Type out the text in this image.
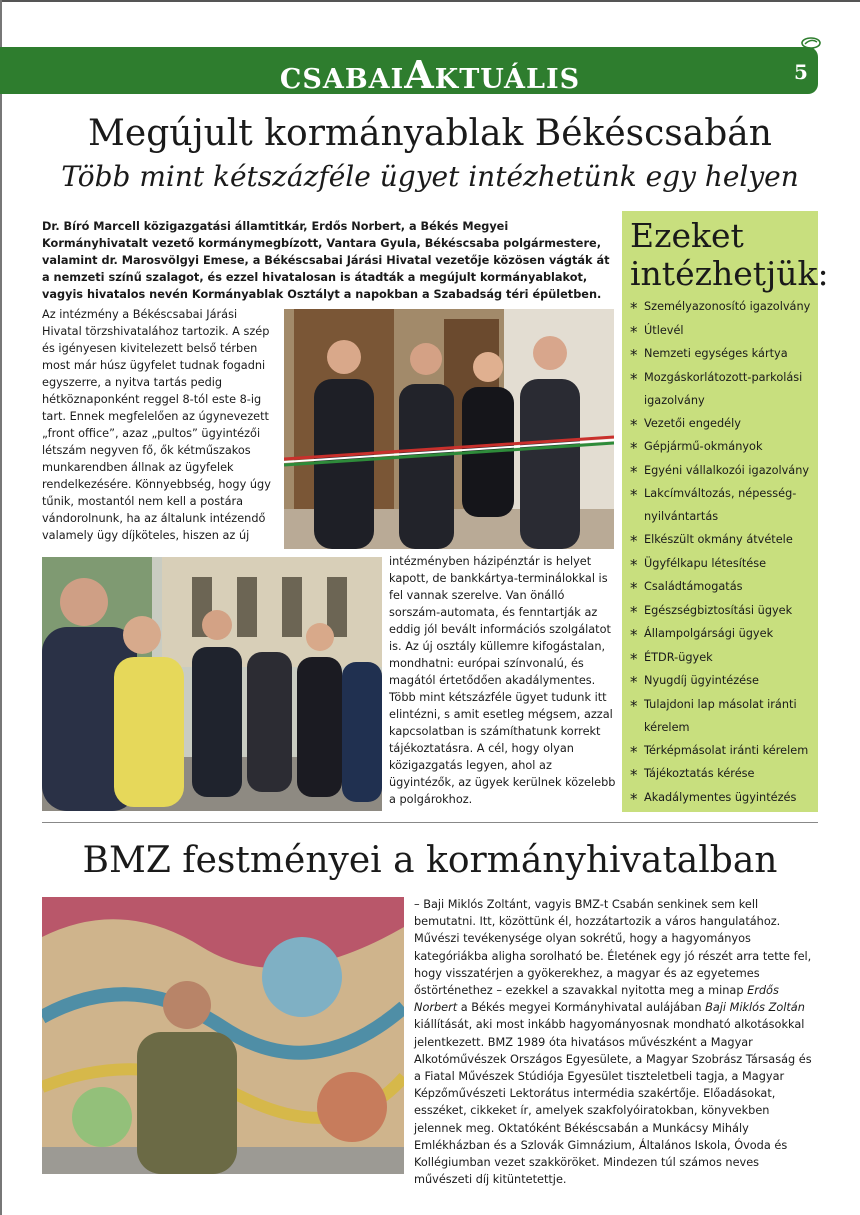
CSABAIAKTUÁLIS	5
Megújult kormányablak Békéscsabán
Több mint kétszázféle ügyet intézhetünk egy helyen
Dr. Bíró Marcell közigazgatási államtitkár, Erdős Norbert, a Békés Megyei Kormányhivatalt vezető kormánymegbízott, Vantara Gyula, Békéscsaba polgármestere, valamint dr. Marosvölgyi Emese, a Békéscsabai Járási Hivatal vezetője közösen vágták át a nemzeti színű szalagot, és ezzel hivatalosan is átadták a megújult kormányablakot, vagyis hivatalos nevén Kormányablak Osztályt a napokban a Szabadság téri épületben.
Az intézmény a Békéscsabai Járási Hivatal törzshivatalához tartozik. A szép és igényesen kivitelezett belső térben most már húsz ügyfelet tudnak fogadni egyszerre, a nyitva tartás pedig hétköznaponként reggel 8-tól este 8-ig tart. Ennek megfelelően az úgynevezett „front office”, azaz „pultos” ügyintézői létszám negyven fő, ők kétműszakos munkarendben állnak az ügyfelek rendelkezésére. Könnyebbség, hogy úgy tűnik, mostantól nem kell a postára vándorolnunk, ha az általunk intézendő valamely ügy díjköteles, hiszen az új
intézményben házipénztár is helyet kapott, de bankkártya-terminálokkal is fel vannak szerelve. Van önálló sorszám-automata, és fenntartják az eddig jól bevált információs szolgálatot is. Az új osztály küllemre kifogástalan, mondhatni: európai színvonalú, és magától értetődően akadálymentes. Több mint kétszázféle ügyet tudunk itt elintézni, s amit esetleg mégsem, azzal kapcsolatban is számíthatunk korrekt tájékoztatásra. A cél, hogy olyan közigazgatás legyen, ahol az ügyintézők, az ügyek kerülnek közelebb a polgárokhoz.
Ezeket intézhetjük:
* Személyazonosító igazolvány
* Útlevél
* Nemzeti egységes kártya
* Mozgáskorlátozott-parkolási igazolvány
* Vezetői engedély
* Gépjármű-okmányok
* Egyéni vállalkozói igazolvány
* Lakcímváltozás, népesség-nyilvántartás
* Elkészült okmány átvétele
* Ügyfélkapu létesítése
* Családtámogatás
* Egészségbiztosítási ügyek
* Állampolgársági ügyek
* ÉTDR-ügyek
* Nyugdíj ügyintézése
* Tulajdoni lap másolat iránti kérelem
* Térképmásolat iránti kérelem
* Tájékoztatás kérése
* Akadálymentes ügyintézés
BMZ festményei a kormányhivatalban
– Baji Miklós Zoltánt, vagyis BMZ-t Csabán senkinek sem kell bemutatni. Itt, közöttünk él, hozzátartozik a város hangulatához. Művészi tevékenysége olyan sokrétű, hogy a hagyományos kategóriákba aligha sorolható be. Életének egy jó részét arra tette fel, hogy visszatérjen a gyökerekhez, a magyar és az egyetemes őstörténethez – ezekkel a szavakkal nyitotta meg a minap Erdős Norbert a Békés megyei Kormányhivatal aulájában Baji Miklós Zoltán kiállítását, aki most inkább hagyományosnak mondható alkotásokkal jelentkezett. BMZ 1989 óta hivatásos művészként a Magyar Alkotóművészek Országos Egyesülete, a Magyar Szobrász Társaság és a Fiatal Művészek Stúdiója Egyesület tiszteletbeli tagja, a Magyar Képzőművészeti Lektorátus intermédia szakértője. Előadásokat, esszéket, cikkeket ír, amelyek szakfolyóiratokban, könyvekben jelennek meg. Oktatóként Békéscsabán a Munkácsy Mihály Emlékházban és a Szlovák Gimnázium, Általános Iskola, Óvoda és Kollégiumban vezet szakköröket. Mindezen túl számos neves művészeti díj kitüntetettje.
